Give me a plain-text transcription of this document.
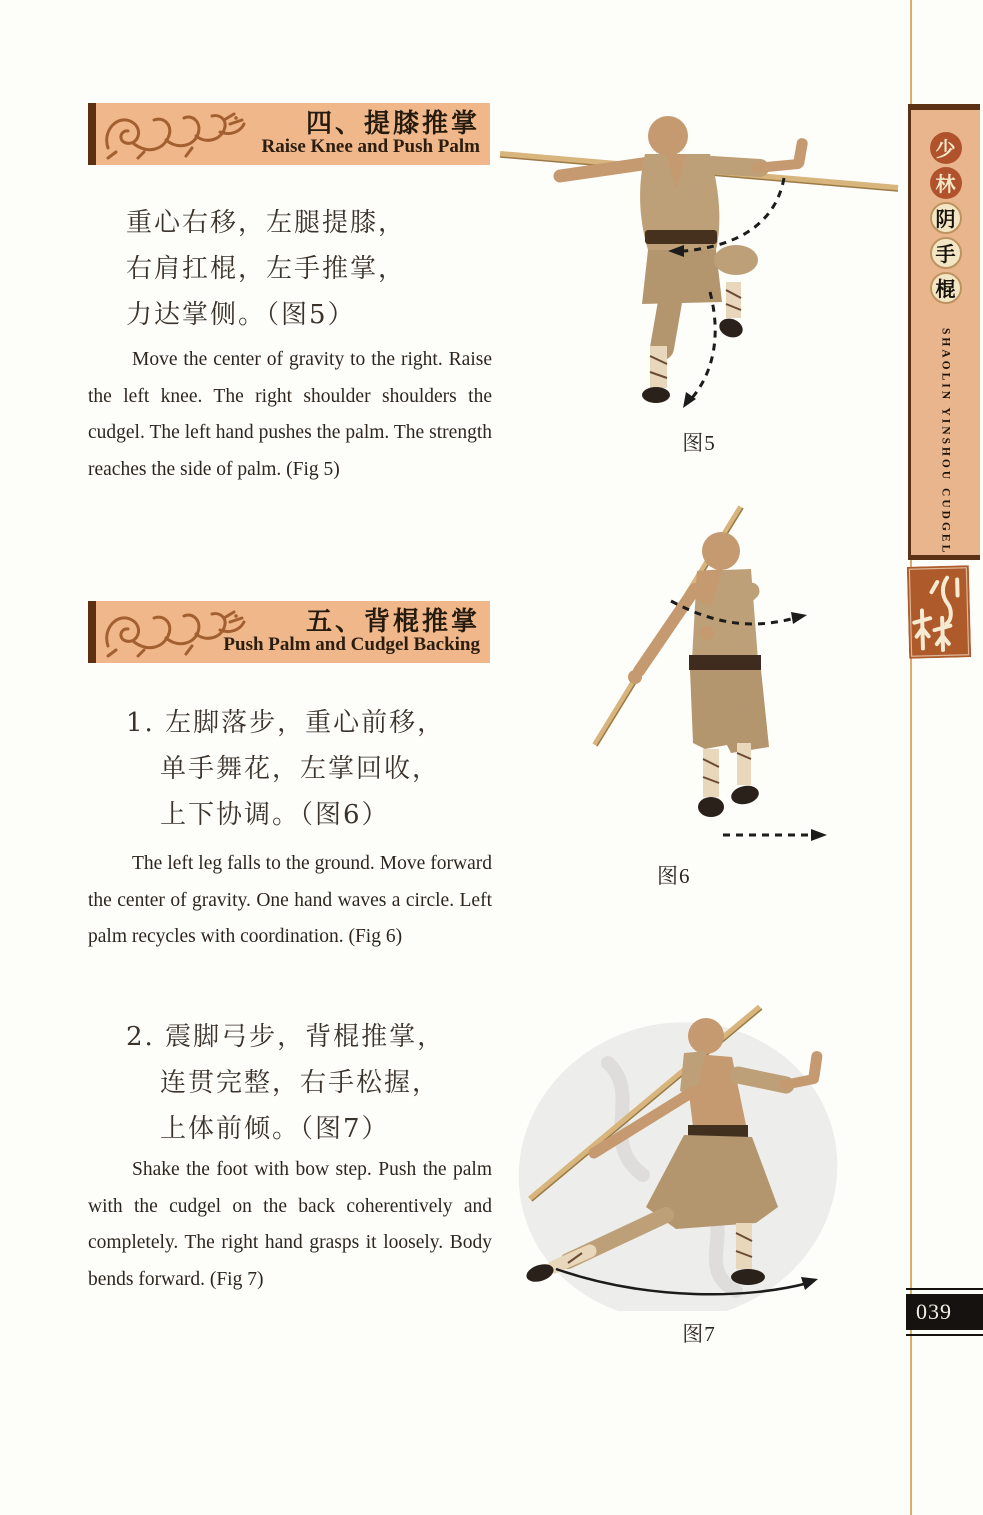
四、提膝推掌
Raise Knee and Push Palm
重心右移，左腿提膝，
右肩扛棍，左手推掌，
力达掌侧。（图5）
Move the center of gravity to the right. Raise the left knee. The right shoulder shoulders the cudgel. The left hand pushes the palm. The strength reaches the side of palm. (Fig 5)
图5
五、背棍推掌
Push Palm and Cudgel Backing
1. 左脚落步，重心前移，
单手舞花，左掌回收，
上下协调。（图6）
The left leg falls to the ground. Move forward the center of gravity. One hand waves a circle. Left palm recycles with coordination. (Fig 6)
图6
2. 震脚弓步，背棍推掌，
连贯完整，右手松握，
上体前倾。（图7）
Shake the foot with bow step. Push the palm with the cudgel on the back coherentively and completely. The right hand grasps it loosely. Body bends forward. (Fig 7)
图7
少
林
阴
手
棍
SHAOLIN YINSHOU CUDGEL
039
